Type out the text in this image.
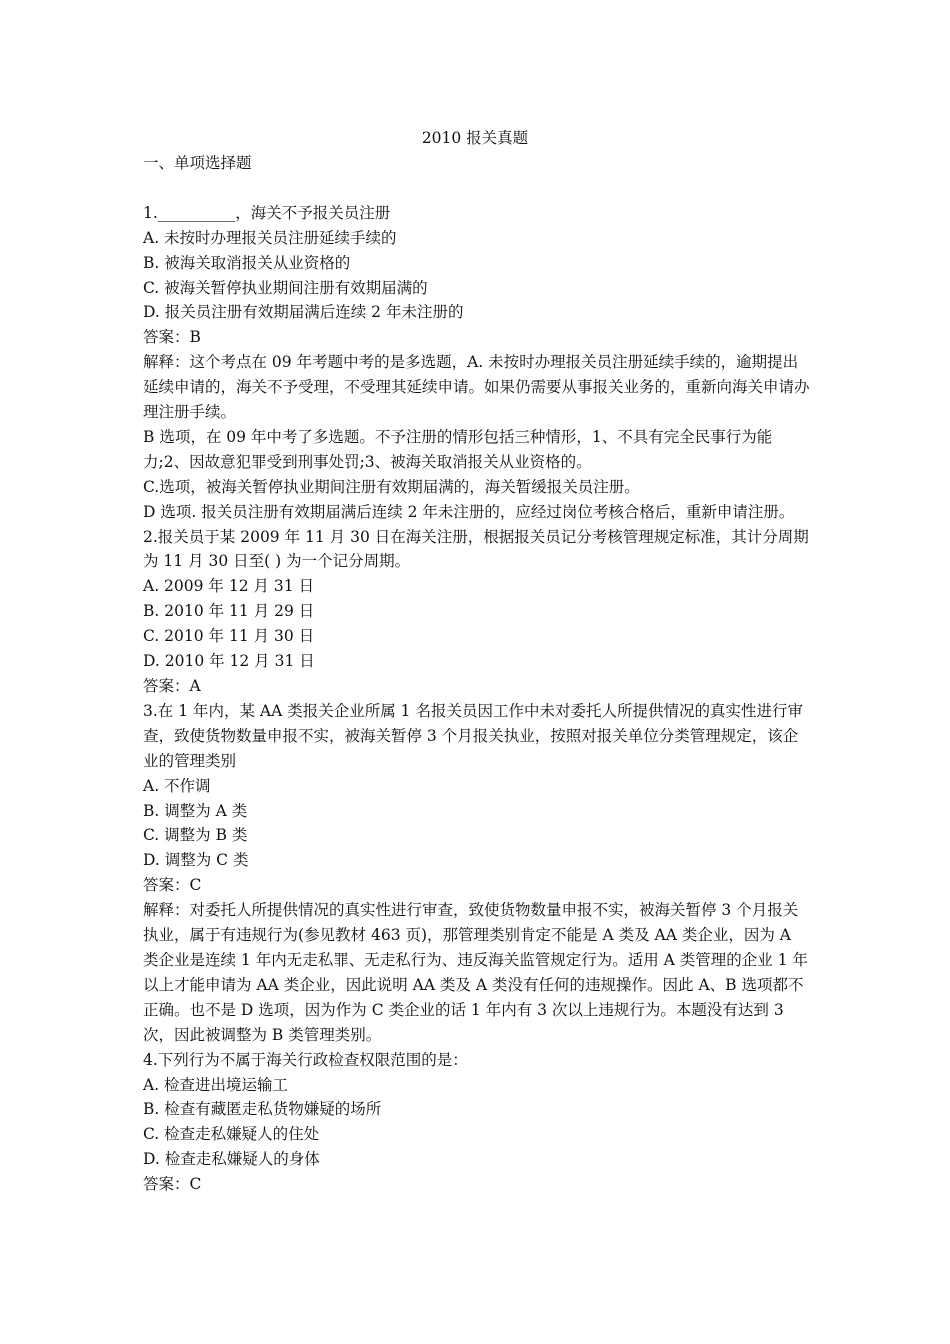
2010 报关真题

一、单项选择题

1.__________，海关不予报关员注册

A. 未按时办理报关员注册延续手续的

B. 被海关取消报关从业资格的

C. 被海关暂停执业期间注册有效期届满的

D. 报关员注册有效期届满后连续 2 年未注册的

答案：B

解释：这个考点在 09 年考题中考的是多选题，A. 未按时办理报关员注册延续手续的，逾期提出延续申请的，海关不予受理，不受理其延续申请。如果仍需要从事报关业务的，重新向海关申请办理注册手续。

B 选项，在 09 年中考了多选题。不予注册的情形包括三种情形，1、不具有完全民事行为能力;2、因故意犯罪受到刑事处罚;3、被海关取消报关从业资格的。

C.选项，被海关暂停执业期间注册有效期届满的，海关暂缓报关员注册。

D 选项. 报关员注册有效期届满后连续 2 年未注册的，应经过岗位考核合格后，重新申请注册。

2.报关员于某 2009 年 11 月 30 日在海关注册，根据报关员记分考核管理规定标准，其计分周期为 11 月 30 日至( ) 为一个记分周期。

A. 2009 年 12 月 31 日

B. 2010 年 11 月 29 日

C. 2010 年 11 月 30 日

D. 2010 年 12 月 31 日

答案：A

3.在 1 年内，某 AA 类报关企业所属 1 名报关员因工作中未对委托人所提供情况的真实性进行审查，致使货物数量申报不实，被海关暂停 3 个月报关执业，按照对报关单位分类管理规定，该企业的管理类别

A. 不作调

B. 调整为 A 类

C. 调整为 B 类

D. 调整为 C 类

答案：C

解释：对委托人所提供情况的真实性进行审查，致使货物数量申报不实，被海关暂停 3 个月报关执业，属于有违规行为(参见教材 463 页)，那管理类别肯定不能是 A 类及 AA 类企业，因为 A 类企业是连续 1 年内无走私罪、无走私行为、违反海关监管规定行为。适用 A 类管理的企业 1 年以上才能申请为 AA 类企业，因此说明 AA 类及 A 类没有任何的违规操作。因此 A、B 选项都不正确。也不是 D 选项，因为作为 C 类企业的话 1 年内有 3 次以上违规行为。本题没有达到 3 次，因此被调整为 B 类管理类别。

4.下列行为不属于海关行政检查权限范围的是：

A. 检查进出境运输工

B. 检查有藏匿走私货物嫌疑的场所

C. 检查走私嫌疑人的住处

D. 检查走私嫌疑人的身体

答案：C
